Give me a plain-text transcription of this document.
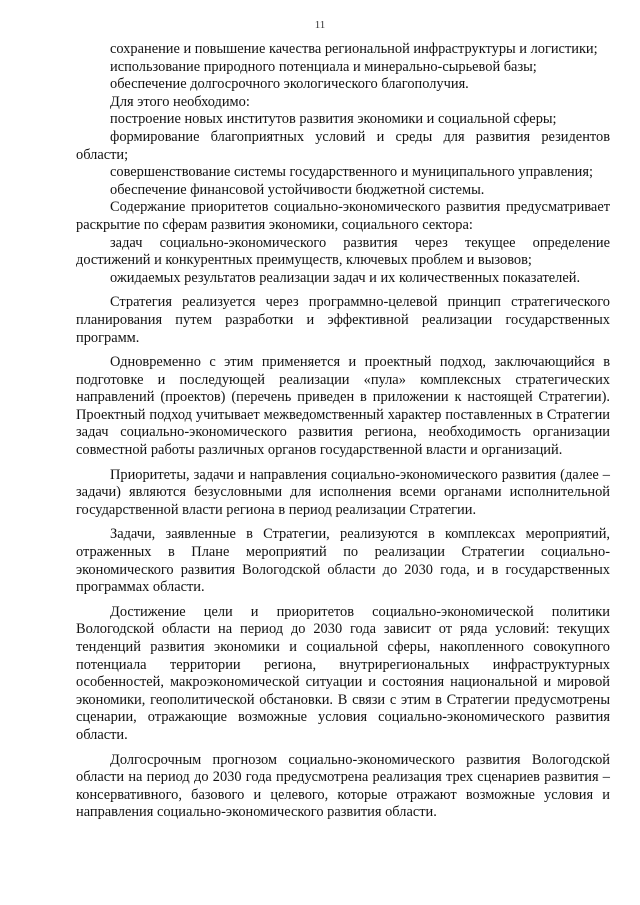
11

сохранение и повышение качества региональной инфраструктуры и логистики;

использование природного потенциала и минерально-сырьевой базы;

обеспечение долгосрочного экологического благополучия.

Для этого необходимо:

построение новых институтов развития экономики и социальной сферы;

формирование благоприятных условий и среды для развития резидентов области;

совершенствование системы государственного и муниципального управления;

обеспечение финансовой устойчивости бюджетной системы.

Содержание приоритетов социально-экономического развития предусматривает раскрытие по сферам развития экономики, социального сектора:

задач социально-экономического развития через текущее определение достижений и конкурентных преимуществ, ключевых проблем и вызовов;

ожидаемых результатов реализации задач и их количественных показателей.

Стратегия реализуется через программно-целевой принцип стратегического планирования путем разработки и эффективной реализации государственных программ.

Одновременно с этим применяется и проектный подход, заключающийся в подготовке и последующей реализации «пула» комплексных стратегических направлений (проектов) (перечень приведен в приложении к настоящей Стратегии). Проектный подход учитывает межведомственный характер поставленных в Стратегии задач социально-экономического развития региона, необходимость организации совместной работы различных органов государственной власти и организаций.

Приоритеты, задачи и направления социально-экономического развития (далее – задачи) являются безусловными для исполнения всеми органами исполнительной государственной власти региона в период реализации Стратегии.

Задачи, заявленные в Стратегии, реализуются в комплексах мероприятий, отраженных в Плане мероприятий по реализации Стратегии социально-экономического развития Вологодской области до 2030 года, и в государственных программах области.

Достижение цели и приоритетов социально-экономической политики Вологодской области на период до 2030 года зависит от ряда условий: текущих тенденций развития экономики и социальной сферы, накопленного совокупного потенциала территории региона, внутрирегиональных инфраструктурных особенностей, макроэкономической ситуации и состояния национальной и мировой экономики, геополитической обстановки. В связи с этим в Стратегии предусмотрены сценарии, отражающие возможные условия социально-экономического развития области.

Долгосрочным прогнозом социально-экономического развития Вологодской области на период до 2030 года предусмотрена реализация трех сценариев развития – консервативного, базового и целевого, которые отражают возможные условия и направления социально-экономического развития области.
